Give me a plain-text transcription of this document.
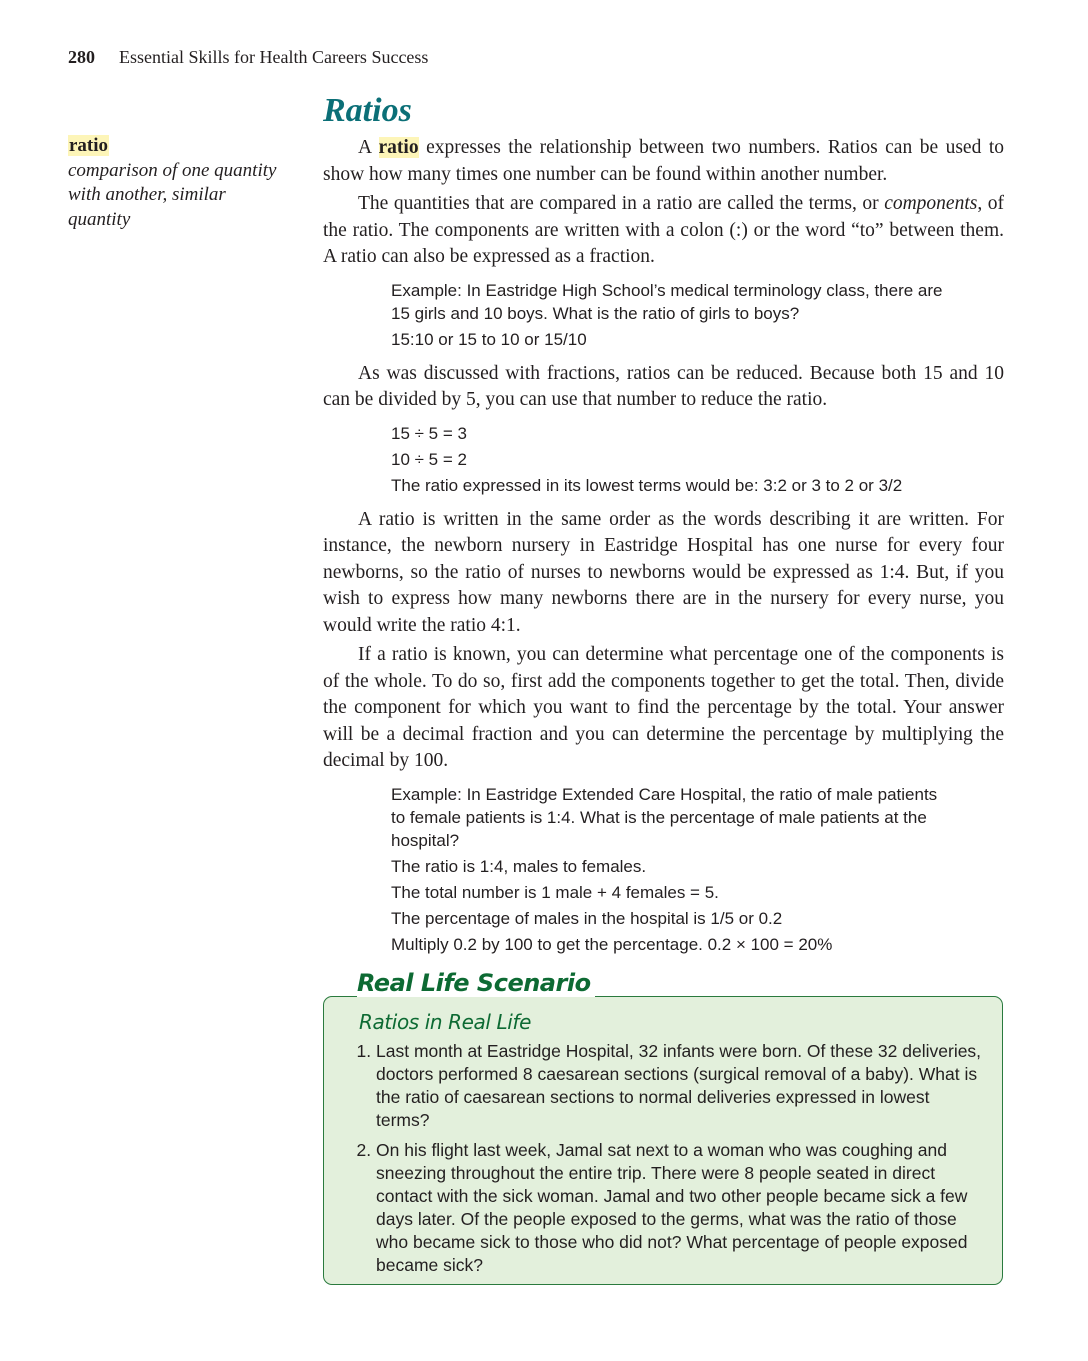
280 Essential Skills for Health Careers Success
ratio
comparison of one quantity with another, similar quantity
Ratios

A ratio expresses the relationship between two numbers. Ratios can be used to show how many times one number can be found within another number.

The quantities that are compared in a ratio are called the terms, or components, of the ratio. The components are written with a colon (:) or the word “to” between them. A ratio can also be expressed as a fraction.

Example: In Eastridge High School’s medical terminology class, there are 15 girls and 10 boys. What is the ratio of girls to boys?
15:10 or 15 to 10 or 15/10

As was discussed with fractions, ratios can be reduced. Because both 15 and 10 can be divided by 5, you can use that number to reduce the ratio.

15 ÷ 5 = 3
10 ÷ 5 = 2
The ratio expressed in its lowest terms would be: 3:2 or 3 to 2 or 3/2

A ratio is written in the same order as the words describing it are written. For instance, the newborn nursery in Eastridge Hospital has one nurse for every four newborns, so the ratio of nurses to newborns would be expressed as 1:4. But, if you wish to express how many newborns there are in the nursery for every nurse, you would write the ratio 4:1.

If a ratio is known, you can determine what percentage one of the components is of the whole. To do so, first add the components together to get the total. Then, divide the component for which you want to find the percentage by the total. Your answer will be a decimal fraction and you can determine the percentage by multiplying the decimal by 100.

Example: In Eastridge Extended Care Hospital, the ratio of male patients to female patients is 1:4. What is the percentage of male patients at the hospital?
The ratio is 1:4, males to females.
The total number is 1 male + 4 females = 5.
The percentage of males in the hospital is 1/5 or 0.2
Multiply 0.2 by 100 to get the percentage. 0.2 × 100 = 20%
Real Life Scenario
Ratios in Real Life
1. Last month at Eastridge Hospital, 32 infants were born. Of these 32 deliveries, doctors performed 8 caesarean sections (surgical removal of a baby). What is the ratio of caesarean sections to normal deliveries expressed in lowest terms?
2. On his flight last week, Jamal sat next to a woman who was coughing and sneezing throughout the entire trip. There were 8 people seated in direct contact with the sick woman. Jamal and two other people became sick a few days later. Of the people exposed to the germs, what was the ratio of those who became sick to those who did not? What percentage of people exposed became sick?
